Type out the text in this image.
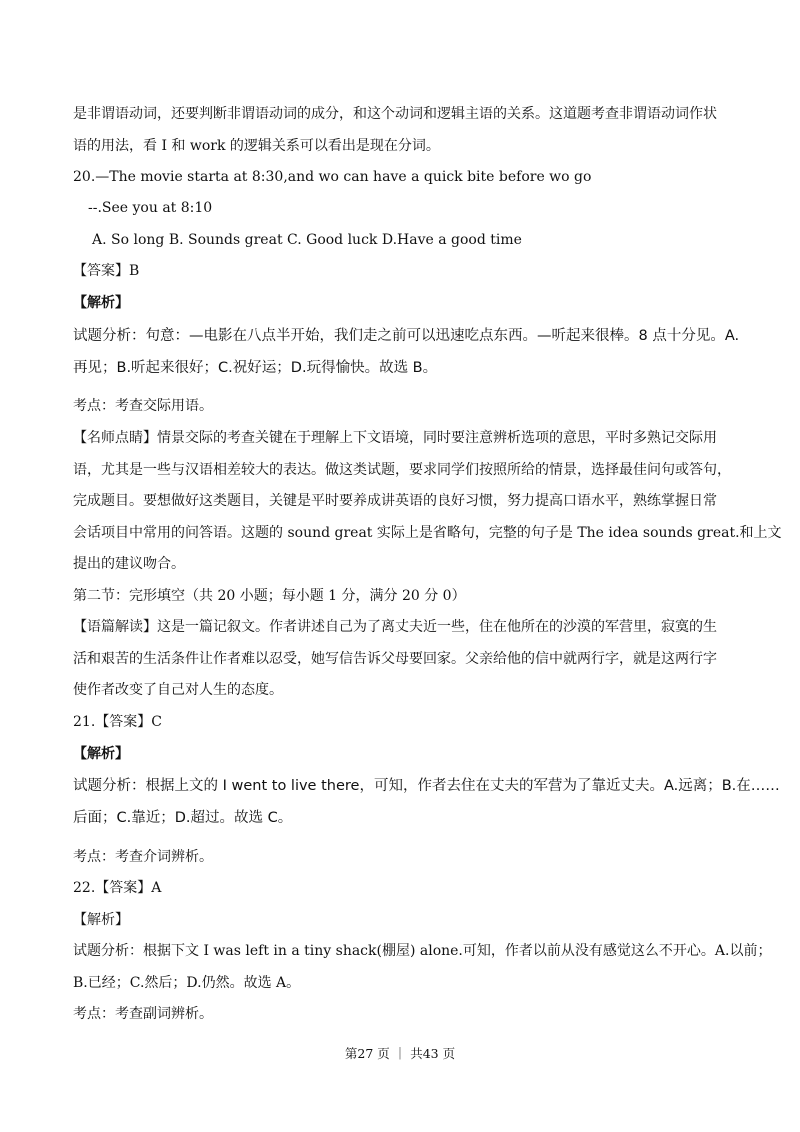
是非谓语动词，还要判断非谓语动词的成分，和这个动词和逻辑主语的关系。这道题考查非谓语动词作状
语的用法，看 I 和 work 的逻辑关系可以看出是现在分词。
20.—The movie starta at 8:30,and wo can have a quick bite before wo go
--.See you at 8:10
A. So long B. Sounds great C. Good luck D.Have a good time
【答案】B
【解析】
试题分析：句意：—电影在八点半开始，我们走之前可以迅速吃点东西。—听起来很棒。8 点十分见。A.
再见；B.听起来很好；C.祝好运；D.玩得愉快。故选 B。
考点：考查交际用语。
【名师点睛】情景交际的考查关键在于理解上下文语境，同时要注意辨析选项的意思，平时多熟记交际用
语，尤其是一些与汉语相差较大的表达。做这类试题，要求同学们按照所给的情景，选择最佳问句或答句，
完成题目。要想做好这类题目，关键是平时要养成讲英语的良好习惯，努力提高口语水平，熟练掌握日常
会话项目中常用的问答语。这题的 sound great 实际上是省略句，完整的句子是 The idea sounds great.和上文
提出的建议吻合。
第二节：完形填空（共 20 小题；每小题 1 分，满分 20 分 0）
【语篇解读】这是一篇记叙文。作者讲述自己为了离丈夫近一些，住在他所在的沙漠的军营里，寂寞的生
活和艰苦的生活条件让作者难以忍受，她写信告诉父母要回家。父亲给他的信中就两行字，就是这两行字
使作者改变了自己对人生的态度。
21.【答案】C
【解析】
试题分析：根据上文的 I went to live there，可知，作者去住在丈夫的军营为了靠近丈夫。A.远离；B.在……
后面；C.靠近；D.超过。故选 C。
考点：考查介词辨析。
22.【答案】A
【解析】
试题分析：根据下文 I was left in a tiny shack(棚屋) alone.可知，作者以前从没有感觉这么不开心。A.以前；
B.已经；C.然后；D.仍然。故选 A。
考点：考查副词辨析。
第27 页 ｜ 共43 页
